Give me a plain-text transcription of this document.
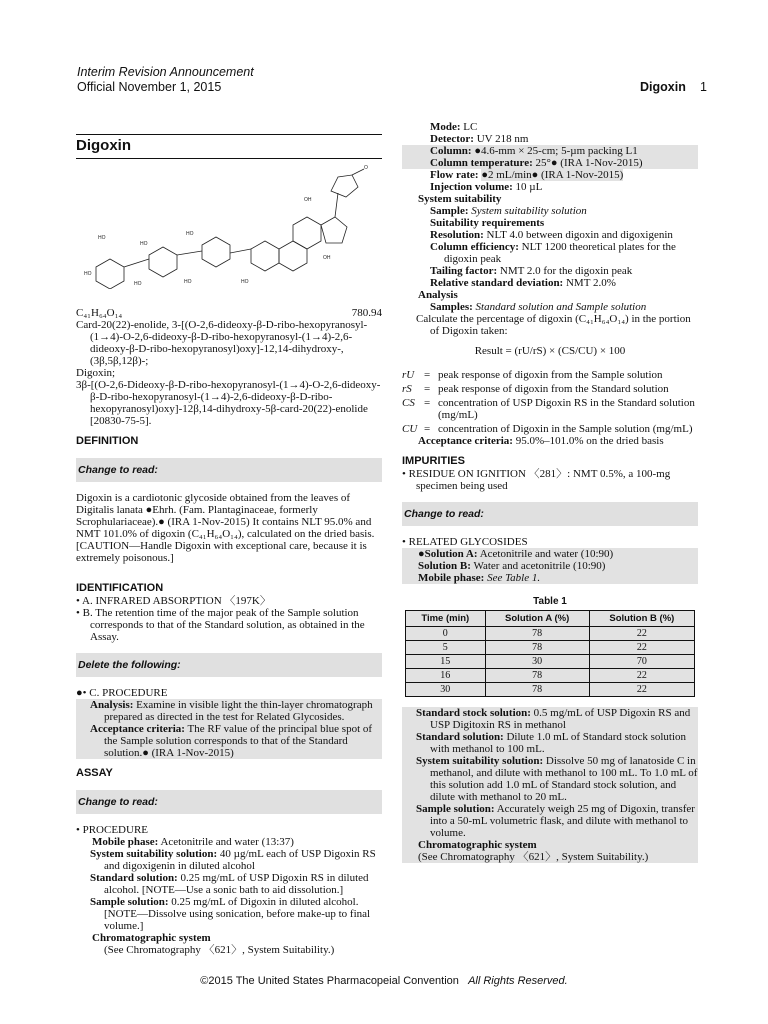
Interim Revision Announcement
Official November 1, 2015	Digoxin 1
Digoxin
HO
HO
HO
HO
HO	HO	HO
OH
OH
O
C₄₁H₆₄O₁₄	780.94

Card-20(22)-enolide, 3-[(O-2,6-dideoxy-β-D-ribo-hexopyranosyl-(1→4)-O-2,6-dideoxy-β-D-ribo-hexopyranosyl-(1→4)-2,6-dideoxy-β-D-ribo-hexopyranosyl)oxy]-12,14-dihydroxy-, (3β,5β,12β)-;

Digoxin;

3β-[(O-2,6-Dideoxy-β-D-ribo-hexopyranosyl-(1→4)-O-2,6-dideoxy-β-D-ribo-hexopyranosyl-(1→4)-2,6-dideoxy-β-D-ribo-hexopyranosyl)oxy]-12β,14-dihydroxy-5β-card-20(22)-enolide [20830-75-5].

DEFINITION
Change to read:

Digoxin is a cardiotonic glycoside obtained from the leaves of Digitalis lanata ●Ehrh. (Fam. Plantaginaceae, formerly Scrophulariaceae).● (IRA 1-Nov-2015) It contains NLT 95.0% and NMT 101.0% of digoxin (C₄₁H₆₄O₁₄), calculated on the dried basis. [CAUTION—Handle Digoxin with exceptional care, because it is extremely poisonous.]

IDENTIFICATION

• A. INFRARED ABSORPTION 〈197K〉

• B. The retention time of the major peak of the Sample solution corresponds to that of the Standard solution, as obtained in the Assay.

Delete the following:

●• C. PROCEDURE

Analysis: Examine in visible light the thin-layer chromatograph prepared as directed in the test for Related Glycosides.

Acceptance criteria: The RF value of the principal blue spot of the Sample solution corresponds to that of the Standard solution.● (IRA 1-Nov-2015)

ASSAY
Change to read:

• PROCEDURE

Mobile phase: Acetonitrile and water (13:37)

System suitability solution: 40 µg/mL each of USP Digoxin RS and digoxigenin in diluted alcohol

Standard solution: 0.25 mg/mL of USP Digoxin RS in diluted alcohol. [NOTE—Use a sonic bath to aid dissolution.]

Sample solution: 0.25 mg/mL of Digoxin in diluted alcohol. [NOTE—Dissolve using sonication, before make-up to final volume.]

Chromatographic system

(See Chromatography 〈621〉, System Suitability.)

Mode: LC

Detector: UV 218 nm

Column: ●4.6-mm × 25-cm; 5-µm packing L1

Column temperature: 25°● (IRA 1-Nov-2015)

Flow rate: ●2 mL/min● (IRA 1-Nov-2015)

Injection volume: 10 µL

System suitability

Sample: System suitability solution

Suitability requirements

Resolution: NLT 4.0 between digoxin and digoxigenin

Column efficiency: NLT 1200 theoretical plates for the digoxin peak

Tailing factor: NMT 2.0 for the digoxin peak

Relative standard deviation: NMT 2.0%

Analysis

Samples: Standard solution and Sample solution

Calculate the percentage of digoxin (C₄₁H₆₄O₁₄) in the portion of Digoxin taken:

Result = (rU/rS) × (CS/CU) × 100

rU = peak response of digoxin from the Sample solution
rS	= peak response of digoxin from the Standard solution
CS = concentration of USP Digoxin RS in the Standard solution (mg/mL)
CU = concentration of Digoxin in the Sample solution (mg/mL)

Acceptance criteria: 95.0%–101.0% on the dried basis

IMPURITIES

• RESIDUE ON IGNITION 〈281〉: NMT 0.5%, a 100-mg specimen being used

Change to read:

• RELATED GLYCOSIDES

●Solution A: Acetonitrile and water (10:90)

Solution B: Water and acetonitrile (10:90)

Mobile phase: See Table 1.

Table 1
Time (min)	Solution A (%)	Solution B (%)
0	78	22
5	78	22
15	30	70
16	78	22
30	78	22

Standard stock solution: 0.5 mg/mL of USP Digoxin RS and USP Digitoxin RS in methanol

Standard solution: Dilute 1.0 mL of Standard stock solution with methanol to 100 mL.

System suitability solution: Dissolve 50 mg of lanatoside C in methanol, and dilute with methanol to 100 mL. To 1.0 mL of this solution add 1.0 mL of Standard stock solution, and dilute with methanol to 20 mL.

Sample solution: Accurately weigh 25 mg of Digoxin, transfer into a 50-mL volumetric flask, and dilute with methanol to volume.

Chromatographic system

(See Chromatography 〈621〉, System Suitability.)

©2015 The United States Pharmacopeial Convention All Rights Reserved.
